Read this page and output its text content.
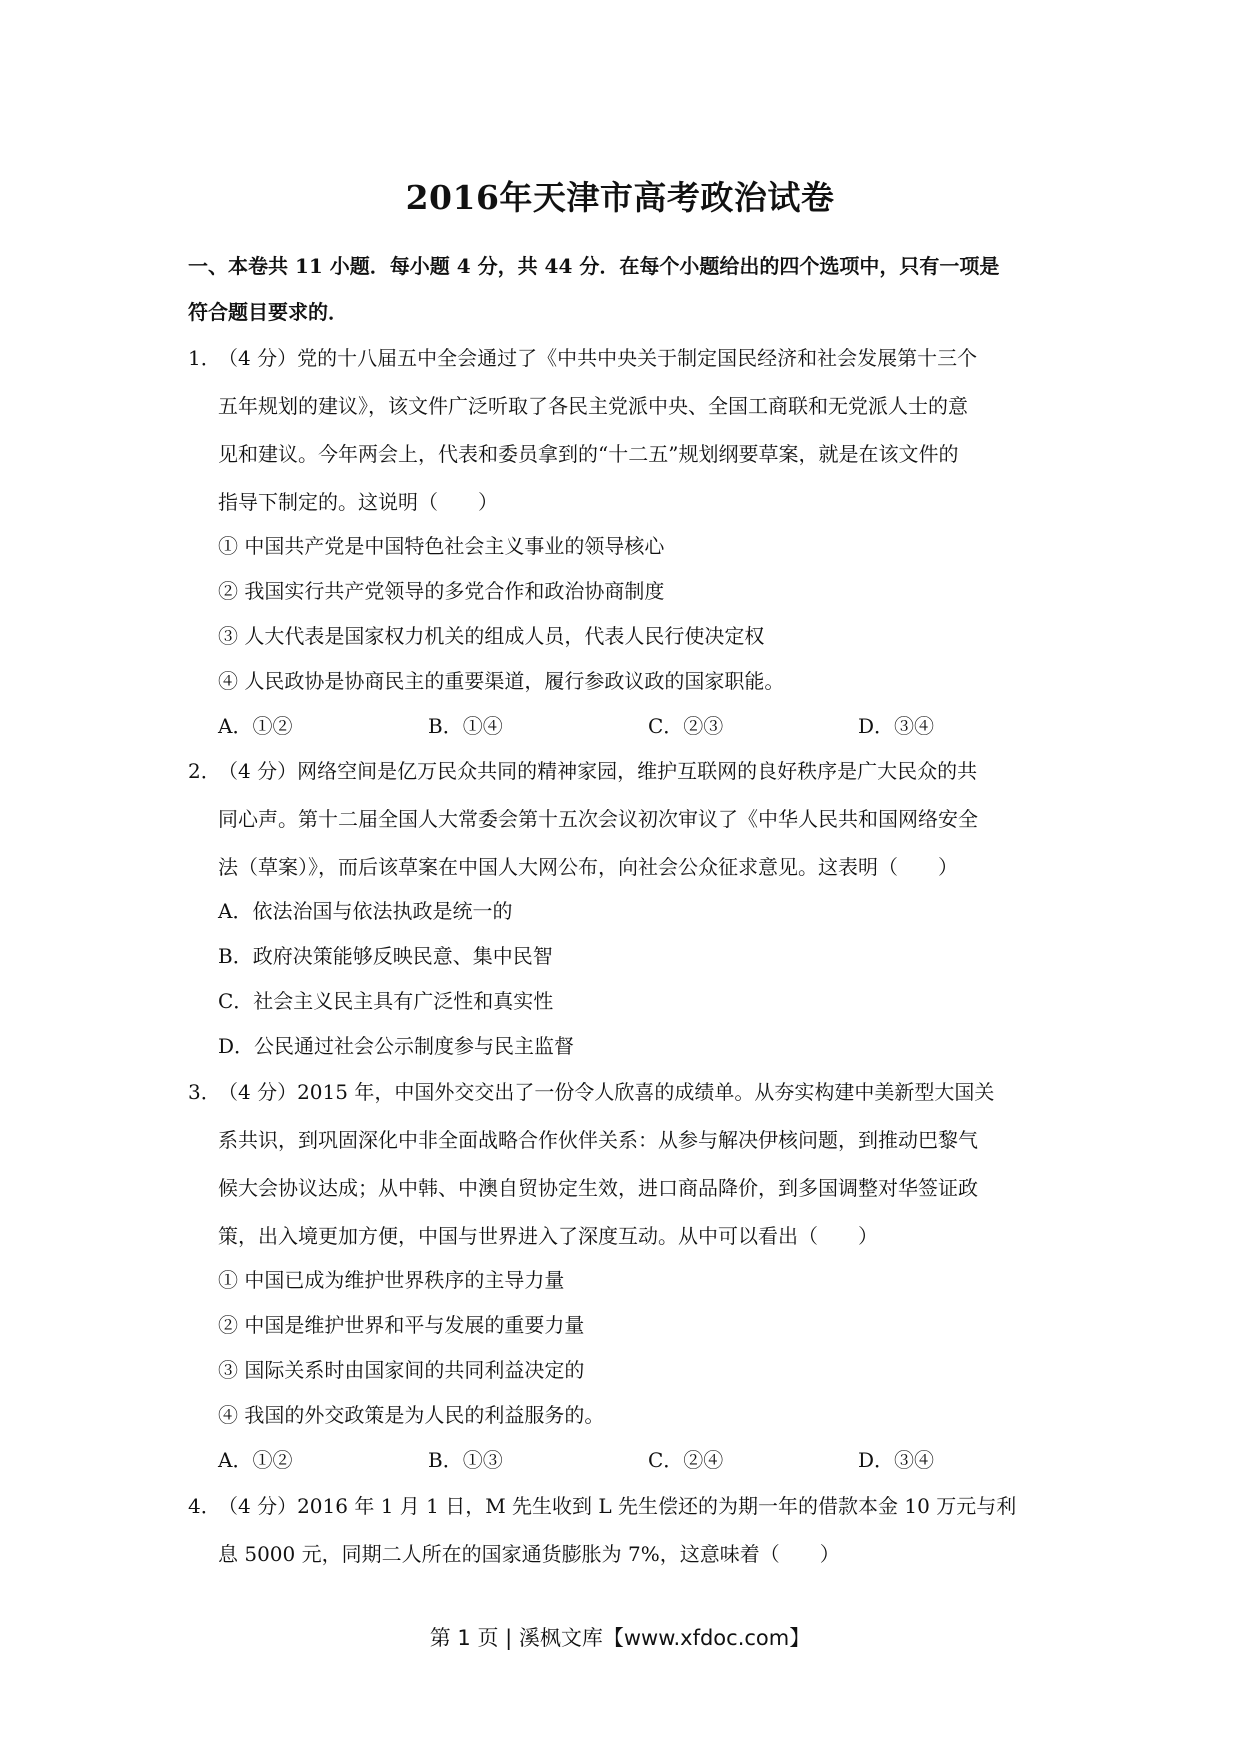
2016年天津市高考政治试卷
一、本卷共 11 小题．每小题 4 分，共 44 分．在每个小题给出的四个选项中，只有一项是
符合题目要求的．
1．
（4 分）党的十八届五中全会通过了《中共中央关于制定国民经济和社会发展第十三个
五年规划的建议》，该文件广泛听取了各民主党派中央、全国工商联和无党派人士的意
见和建议。今年两会上，代表和委员拿到的“十二五”规划纲要草案，就是在该文件的
指导下制定的。这说明（　　）
① 中国共产党是中国特色社会主义事业的领导核心
② 我国实行共产党领导的多党合作和政治协商制度
③ 人大代表是国家权力机关的组成人员，代表人民行使决定权
④ 人民政协是协商民主的重要渠道，履行参政议政的国家职能。
A．①②	B．①④	C．②③	D．③④
2．
（4 分）网络空间是亿万民众共同的精神家园，维护互联网的良好秩序是广大民众的共
同心声。第十二届全国人大常委会第十五次会议初次审议了《中华人民共和国网络安全
法（草案）》，而后该草案在中国人大网公布，向社会公众征求意见。这表明（　　）
A．依法治国与依法执政是统一的
B．政府决策能够反映民意、集中民智
C．社会主义民主具有广泛性和真实性
D．公民通过社会公示制度参与民主监督
3．
（4 分）2015 年，中国外交交出了一份令人欣喜的成绩单。从夯实构建中美新型大国关
系共识，到巩固深化中非全面战略合作伙伴关系：从参与解决伊核问题，到推动巴黎气
候大会协议达成；从中韩、中澳自贸协定生效，进口商品降价，到多国调整对华签证政
策，出入境更加方便，中国与世界进入了深度互动。从中可以看出（　　）
① 中国已成为维护世界秩序的主导力量
② 中国是维护世界和平与发展的重要力量
③ 国际关系时由国家间的共同利益决定的
④ 我国的外交政策是为人民的利益服务的。
A．①②	B．①③	C．②④	D．③④
4．
（4 分）2016 年 1 月 1 日，M 先生收到 L 先生偿还的为期一年的借款本金 10 万元与利
息 5000 元，同期二人所在的国家通货膨胀为 7%，这意味着（　　）
第 1 页 | 溪枫文库【www.xfdoc.com】
